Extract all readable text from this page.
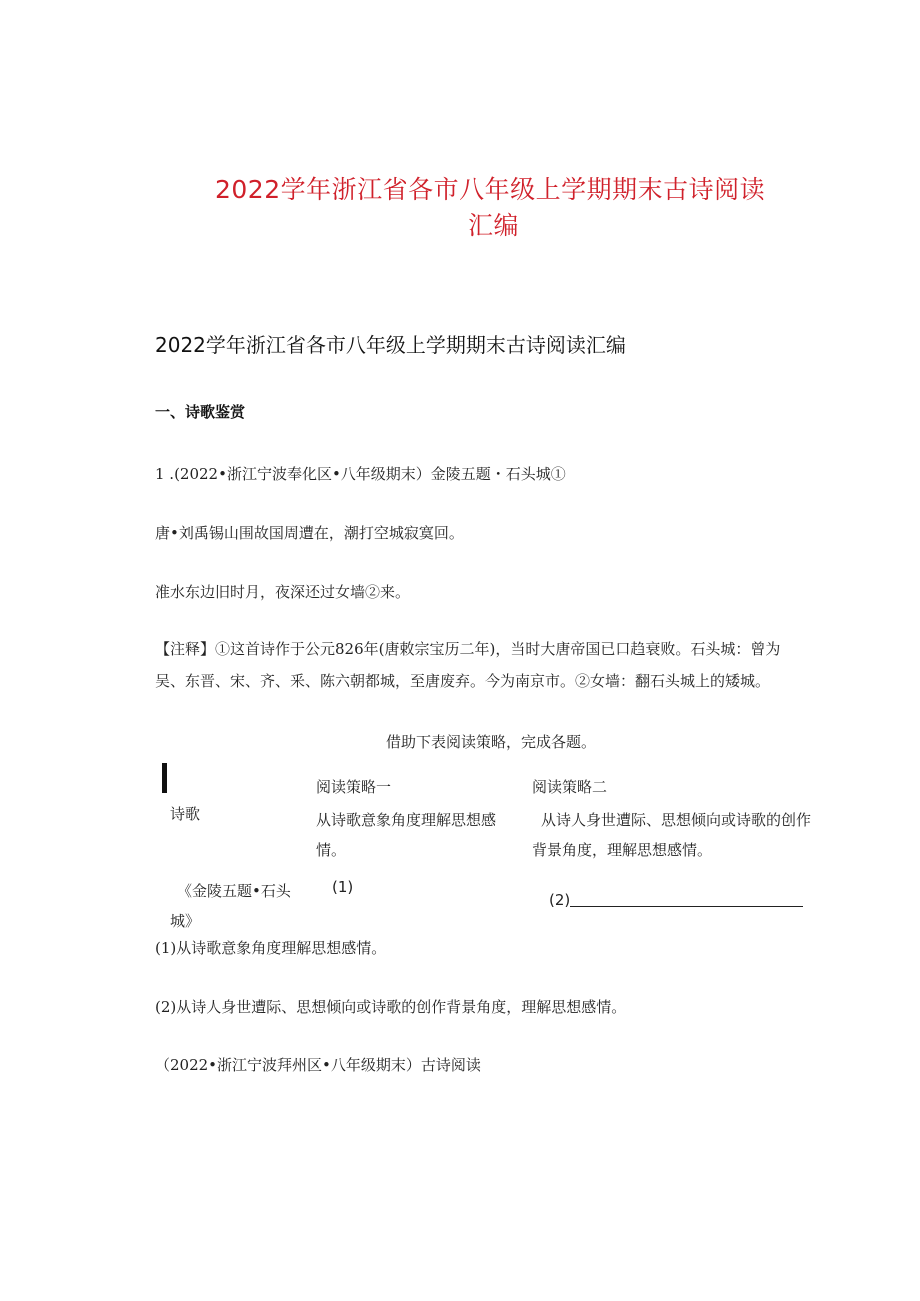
2022学年浙江省各市八年级上学期期末古诗阅读
汇编
2022学年浙江省各市八年级上学期期末古诗阅读汇编
一、诗歌鉴赏
1 .(2022•浙江宁波奉化区•八年级期末）金陵五题・石头城①
唐•刘禹锡山围故国周遭在，潮打空城寂寞回。
准水东边旧时月，夜深还过女墙②来。
【注释】①这首诗作于公元826年(唐敕宗宝历二年)，当时大唐帝国已口趋衰败。石头城：曾为
吴、东晋、宋、齐、釆、陈六朝都城，至唐废弃。今为南京市。②女墙：翻石头城上的矮城。
借助下表阅读策略，完成各题。
诗歌
阅读策略一	阅读策略二
从诗歌意象角度理解思想感
情。
从诗人身世遭际、思想倾向或诗歌的创作
背景角度，理解思想感情。
《金陵五题•石头
城》
(1)
(2)
(1)从诗歌意象角度理解思想感情。
(2)从诗人身世遭际、思想倾向或诗歌的创作背景角度，理解思想感情。
（2022•浙江宁波拜州区•八年级期末）古诗阅读
